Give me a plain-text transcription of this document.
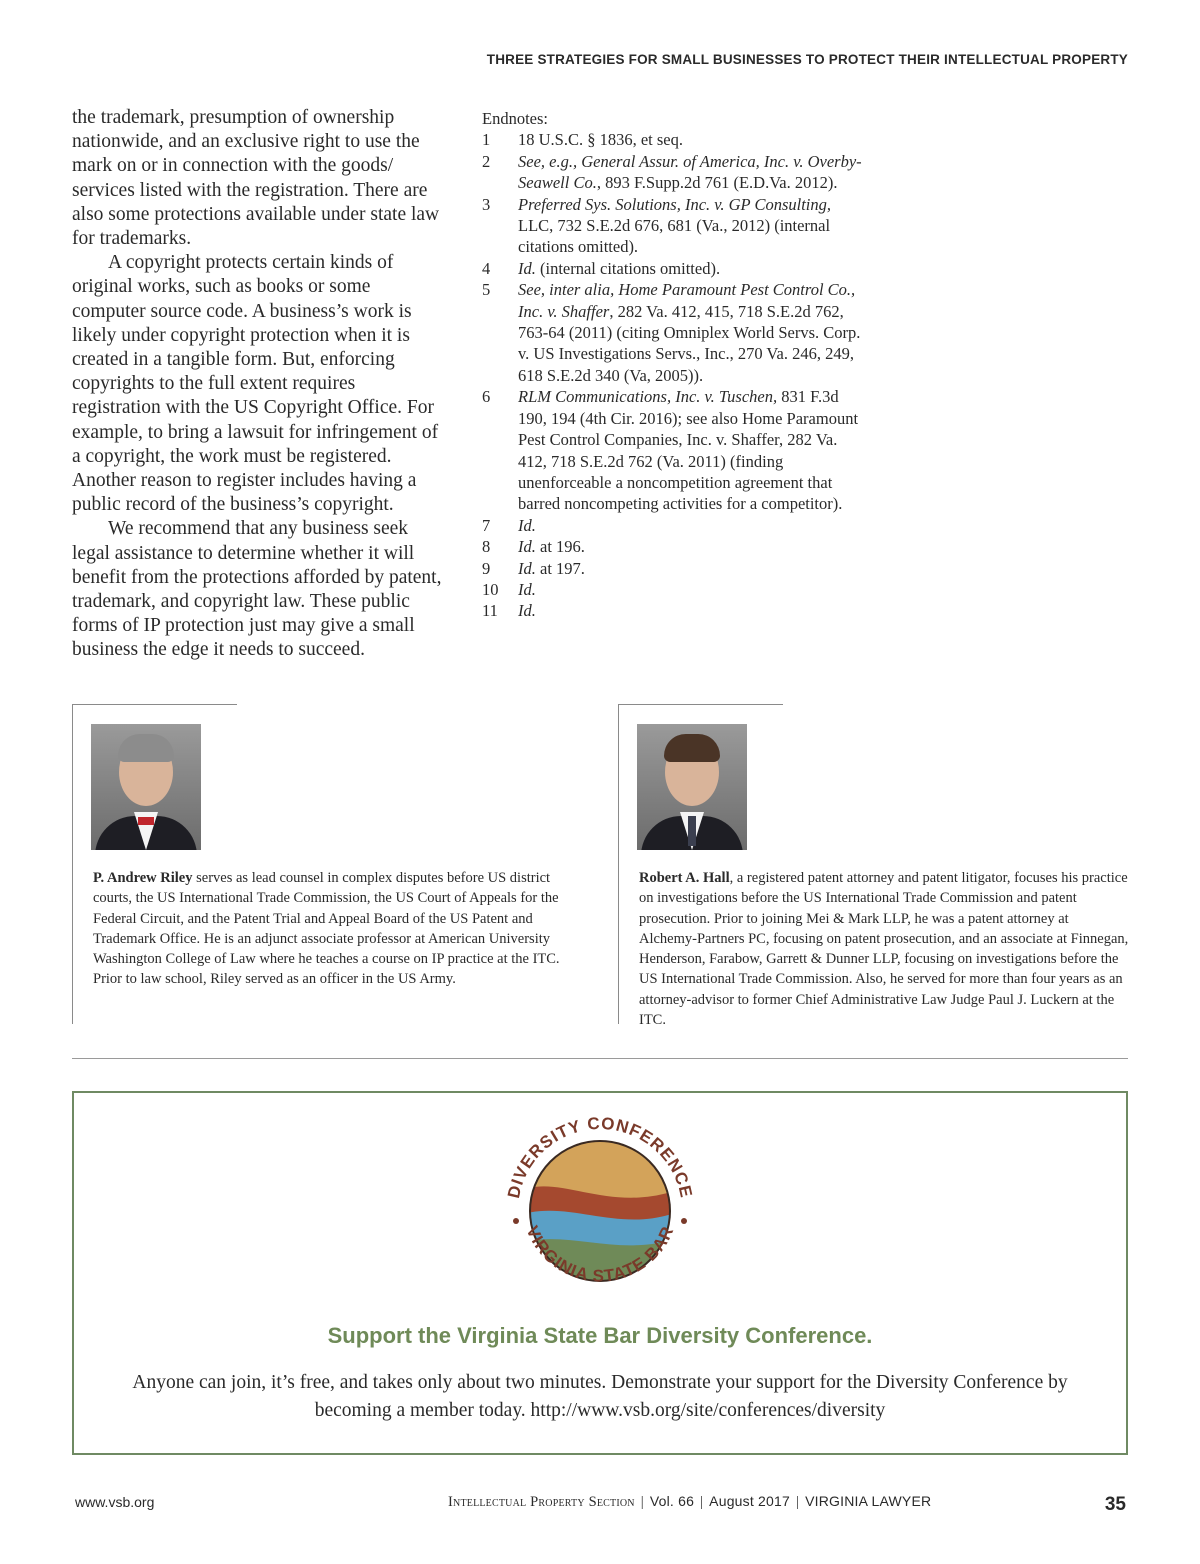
THREE STRATEGIES FOR SMALL BUSINESSES TO PROTECT THEIR INTELLECTUAL PROPERTY

the trademark, presumption of ownership nationwide, and an exclusive right to use the mark on or in connection with the goods/ services listed with the registration. There are also some protections available under state law for trademarks.

A copyright protects certain kinds of original works, such as books or some computer source code. A business’s work is likely under copyright protection when it is created in a tangible form. But, enforcing copyrights to the full extent requires registration with the US Copyright Office. For example, to bring a lawsuit for infringement of a copyright, the work must be registered. Another reason to register includes having a public record of the business’s copyright.

We recommend that any business seek legal assistance to determine whether it will benefit from the protections afforded by patent, trademark, and copyright law. These public forms of IP protection just may give a small business the edge it needs to succeed.

Endnotes:
1	18 U.S.C. § 1836, et seq.
2	See, e.g., General Assur. of America, Inc. v. Overby-Seawell Co., 893 F.Supp.2d 761 (E.D.Va. 2012).
3	Preferred Sys. Solutions, Inc. v. GP Consulting, LLC, 732 S.E.2d 676, 681 (Va., 2012) (internal citations omitted).
4	Id. (internal citations omitted).
5	See, inter alia, Home Paramount Pest Control Co., Inc. v. Shaffer, 282 Va. 412, 415, 718 S.E.2d 762, 763-64 (2011) (citing Omniplex World Servs. Corp. v. US Investigations Servs., Inc., 270 Va. 246, 249, 618 S.E.2d 340 (Va, 2005)).
6	RLM Communications, Inc. v. Tuschen, 831 F.3d 190, 194 (4th Cir. 2016); see also Home Paramount Pest Control Companies, Inc. v. Shaffer, 282 Va. 412, 718 S.E.2d 762 (Va. 2011) (finding unenforceable a noncompetition agreement that barred noncompeting activities for a competitor).
7	Id.
8	Id. at 196.
9	Id. at 197.
10	Id.
11	Id.
P. Andrew Riley serves as lead counsel in complex disputes before US district courts, the US International Trade Commission, the US Court of Appeals for the Federal Circuit, and the Patent Trial and Appeal Board of the US Patent and Trademark Office. He is an adjunct associate professor at American University Washington College of Law where he teaches a course on IP practice at the ITC. Prior to law school, Riley served as an officer in the US Army.
Robert A. Hall, a registered patent attorney and patent litigator, focuses his practice on investigations before the US International Trade Commission and patent prosecution. Prior to joining Mei & Mark LLP, he was a patent attorney at Alchemy-Partners PC, focusing on patent prosecution, and an associate at Finnegan, Henderson, Farabow, Garrett & Dunner LLP, focusing on investigations before the US International Trade Commission. Also, he served for more than four years as an attorney-advisor to former Chief Administrative Law Judge Paul J. Luckern at the ITC.
DIVERSITY CONFERENCE
VIRGINIA STATE BAR
Support the Virginia State Bar Diversity Conference.
Anyone can join, it’s free, and takes only about two minutes. Demonstrate your support for the Diversity Conference by becoming a member today. http://www.vsb.org/site/conferences/diversity
www.vsb.org	Intellectual Property Section | Vol. 66 | August 2017 | VIRGINIA LAWYER	35
